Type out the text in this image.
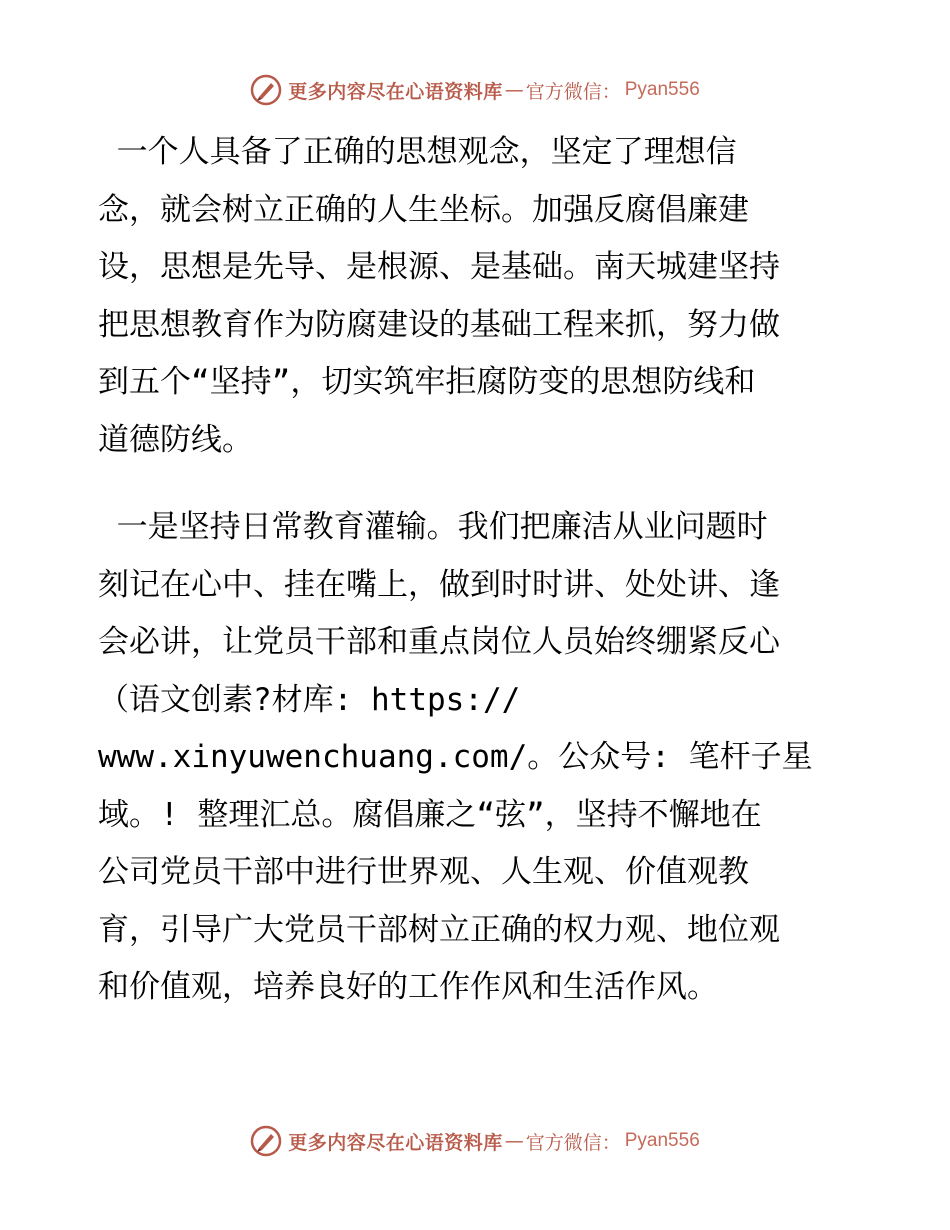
更多内容尽在心语资料库 — 官方微信： Pyan556

一个人具备了正确的思想观念，坚定了理想信
念，就会树立正确的人生坐标。加强反腐倡廉建
设，思想是先导、是根源、是基础。南天城建坚持
把思想教育作为防腐建设的基础工程来抓，努力做
到五个“坚持”，切实筑牢拒腐防变的思想防线和
道德防线。

一是坚持日常教育灌输。我们把廉洁从业问题时
刻记在心中、挂在嘴上，做到时时讲、处处讲、逢
会必讲，让党员干部和重点岗位人员始终绷紧反心
（语文创素?材库: https://
www.xinyuwenchuang.com/。公众号: 笔杆子星
域。! 整理汇总。腐倡廉之“弦”，坚持不懈地在
公司党员干部中进行世界观、人生观、价值观教
育，引导广大党员干部树立正确的权力观、地位观
和价值观，培养良好的工作作风和生活作风。

更多内容尽在心语资料库 — 官方微信： Pyan556
